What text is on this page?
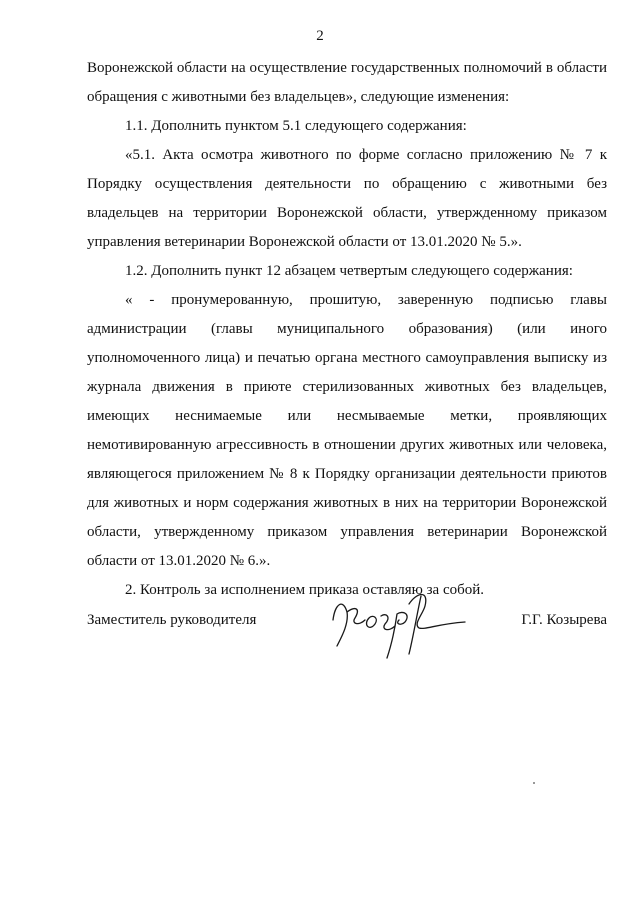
2

Воронежской области на осуществление государственных полномочий в области обращения с животными без владельцев», следующие изменения:

1.1. Дополнить пунктом 5.1 следующего содержания:

«5.1. Акта осмотра животного по форме согласно приложению № 7 к Порядку осуществления деятельности по обращению с животными без владельцев на территории Воронежской области, утвержденному приказом управления ветеринарии Воронежской области от 13.01.2020 № 5.».

1.2. Дополнить пункт 12 абзацем четвертым следующего содержания:

« - пронумерованную, прошитую, заверенную подписью главы администрации (главы муниципального образования) (или иного уполномоченного лица) и печатью органа местного самоуправления выписку из журнала движения в приюте стерилизованных животных без владельцев, имеющих неснимаемые или несмываемые метки, проявляющих немотивированную агрессивность в отношении других животных или человека, являющегося приложением № 8 к Порядку организации деятельности приютов для животных и норм содержания животных в них на территории Воронежской области, утвержденному приказом управления ветеринарии Воронежской области от 13.01.2020 № 6.».

2. Контроль за исполнением приказа оставляю за собой.

Заместитель руководителя	Г.Г. Козырева
